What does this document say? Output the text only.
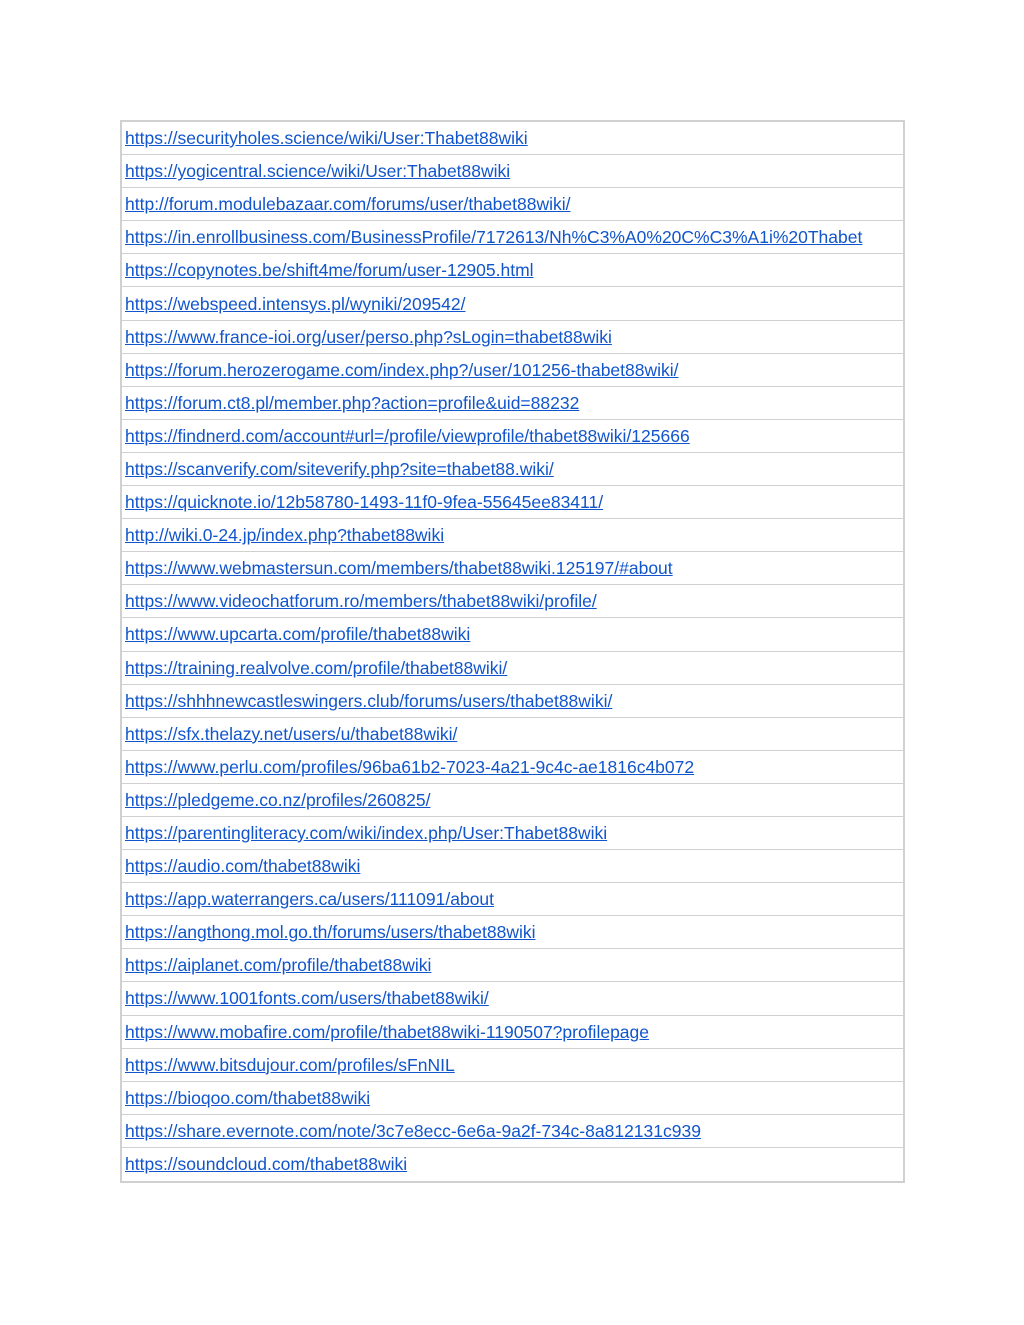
https://securityholes.science/wiki/User:Thabet88wiki
https://yogicentral.science/wiki/User:Thabet88wiki
http://forum.modulebazaar.com/forums/user/thabet88wiki/
https://in.enrollbusiness.com/BusinessProfile/7172613/Nh%C3%A0%20C%C3%A1i%20Thabet
https://copynotes.be/shift4me/forum/user-12905.html
https://webspeed.intensys.pl/wyniki/209542/
https://www.france-ioi.org/user/perso.php?sLogin=thabet88wiki
https://forum.herozerogame.com/index.php?/user/101256-thabet88wiki/
https://forum.ct8.pl/member.php?action=profile&uid=88232
https://findnerd.com/account#url=/profile/viewprofile/thabet88wiki/125666
https://scanverify.com/siteverify.php?site=thabet88.wiki/
https://quicknote.io/12b58780-1493-11f0-9fea-55645ee83411/
http://wiki.0-24.jp/index.php?thabet88wiki
https://www.webmastersun.com/members/thabet88wiki.125197/#about
https://www.videochatforum.ro/members/thabet88wiki/profile/
https://www.upcarta.com/profile/thabet88wiki
https://training.realvolve.com/profile/thabet88wiki/
https://shhhnewcastleswingers.club/forums/users/thabet88wiki/
https://sfx.thelazy.net/users/u/thabet88wiki/
https://www.perlu.com/profiles/96ba61b2-7023-4a21-9c4c-ae1816c4b072
https://pledgeme.co.nz/profiles/260825/
https://parentingliteracy.com/wiki/index.php/User:Thabet88wiki
https://audio.com/thabet88wiki
https://app.waterrangers.ca/users/111091/about
https://angthong.mol.go.th/forums/users/thabet88wiki
https://aiplanet.com/profile/thabet88wiki
https://www.1001fonts.com/users/thabet88wiki/
https://www.mobafire.com/profile/thabet88wiki-1190507?profilepage
https://www.bitsdujour.com/profiles/sFnNIL
https://bioqoo.com/thabet88wiki
https://share.evernote.com/note/3c7e8ecc-6e6a-9a2f-734c-8a812131c939
https://soundcloud.com/thabet88wiki
